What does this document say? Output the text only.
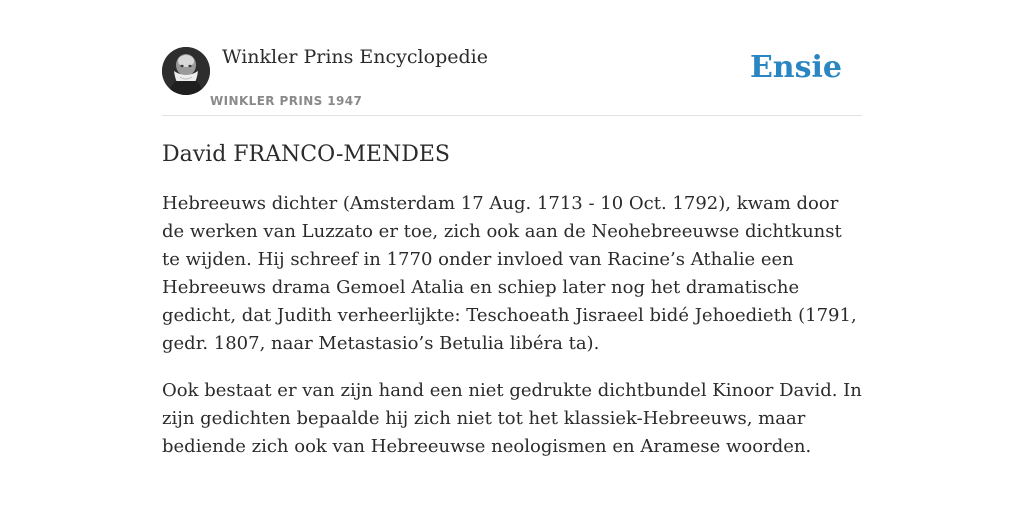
Winkler Prins Encyclopedie
WINKLER PRINS 1947
Ensie
David FRANCO-MENDES

Hebreeuws dichter (Amsterdam 17 Aug. 1713 - 10 Oct. 1792), kwam door de werken van Luzzato er toe, zich ook aan de Neohebreeuwse dichtkunst te wijden. Hij schreef in 1770 onder invloed van Racine’s Athalie een Hebreeuws drama Gemoel Atalia en schiep later nog het dramatische gedicht, dat Judith verheerlijkte: Teschoeath Jisraeel bidé Jehoedieth (1791, gedr. 1807, naar Metastasio’s Betulia libéra ta).

Ook bestaat er van zijn hand een niet gedrukte dichtbundel Kinoor David. In zijn gedichten bepaalde hij zich niet tot het klassiek-Hebreeuws, maar bediende zich ook van Hebreeuwse neologismen en Aramese woorden.
